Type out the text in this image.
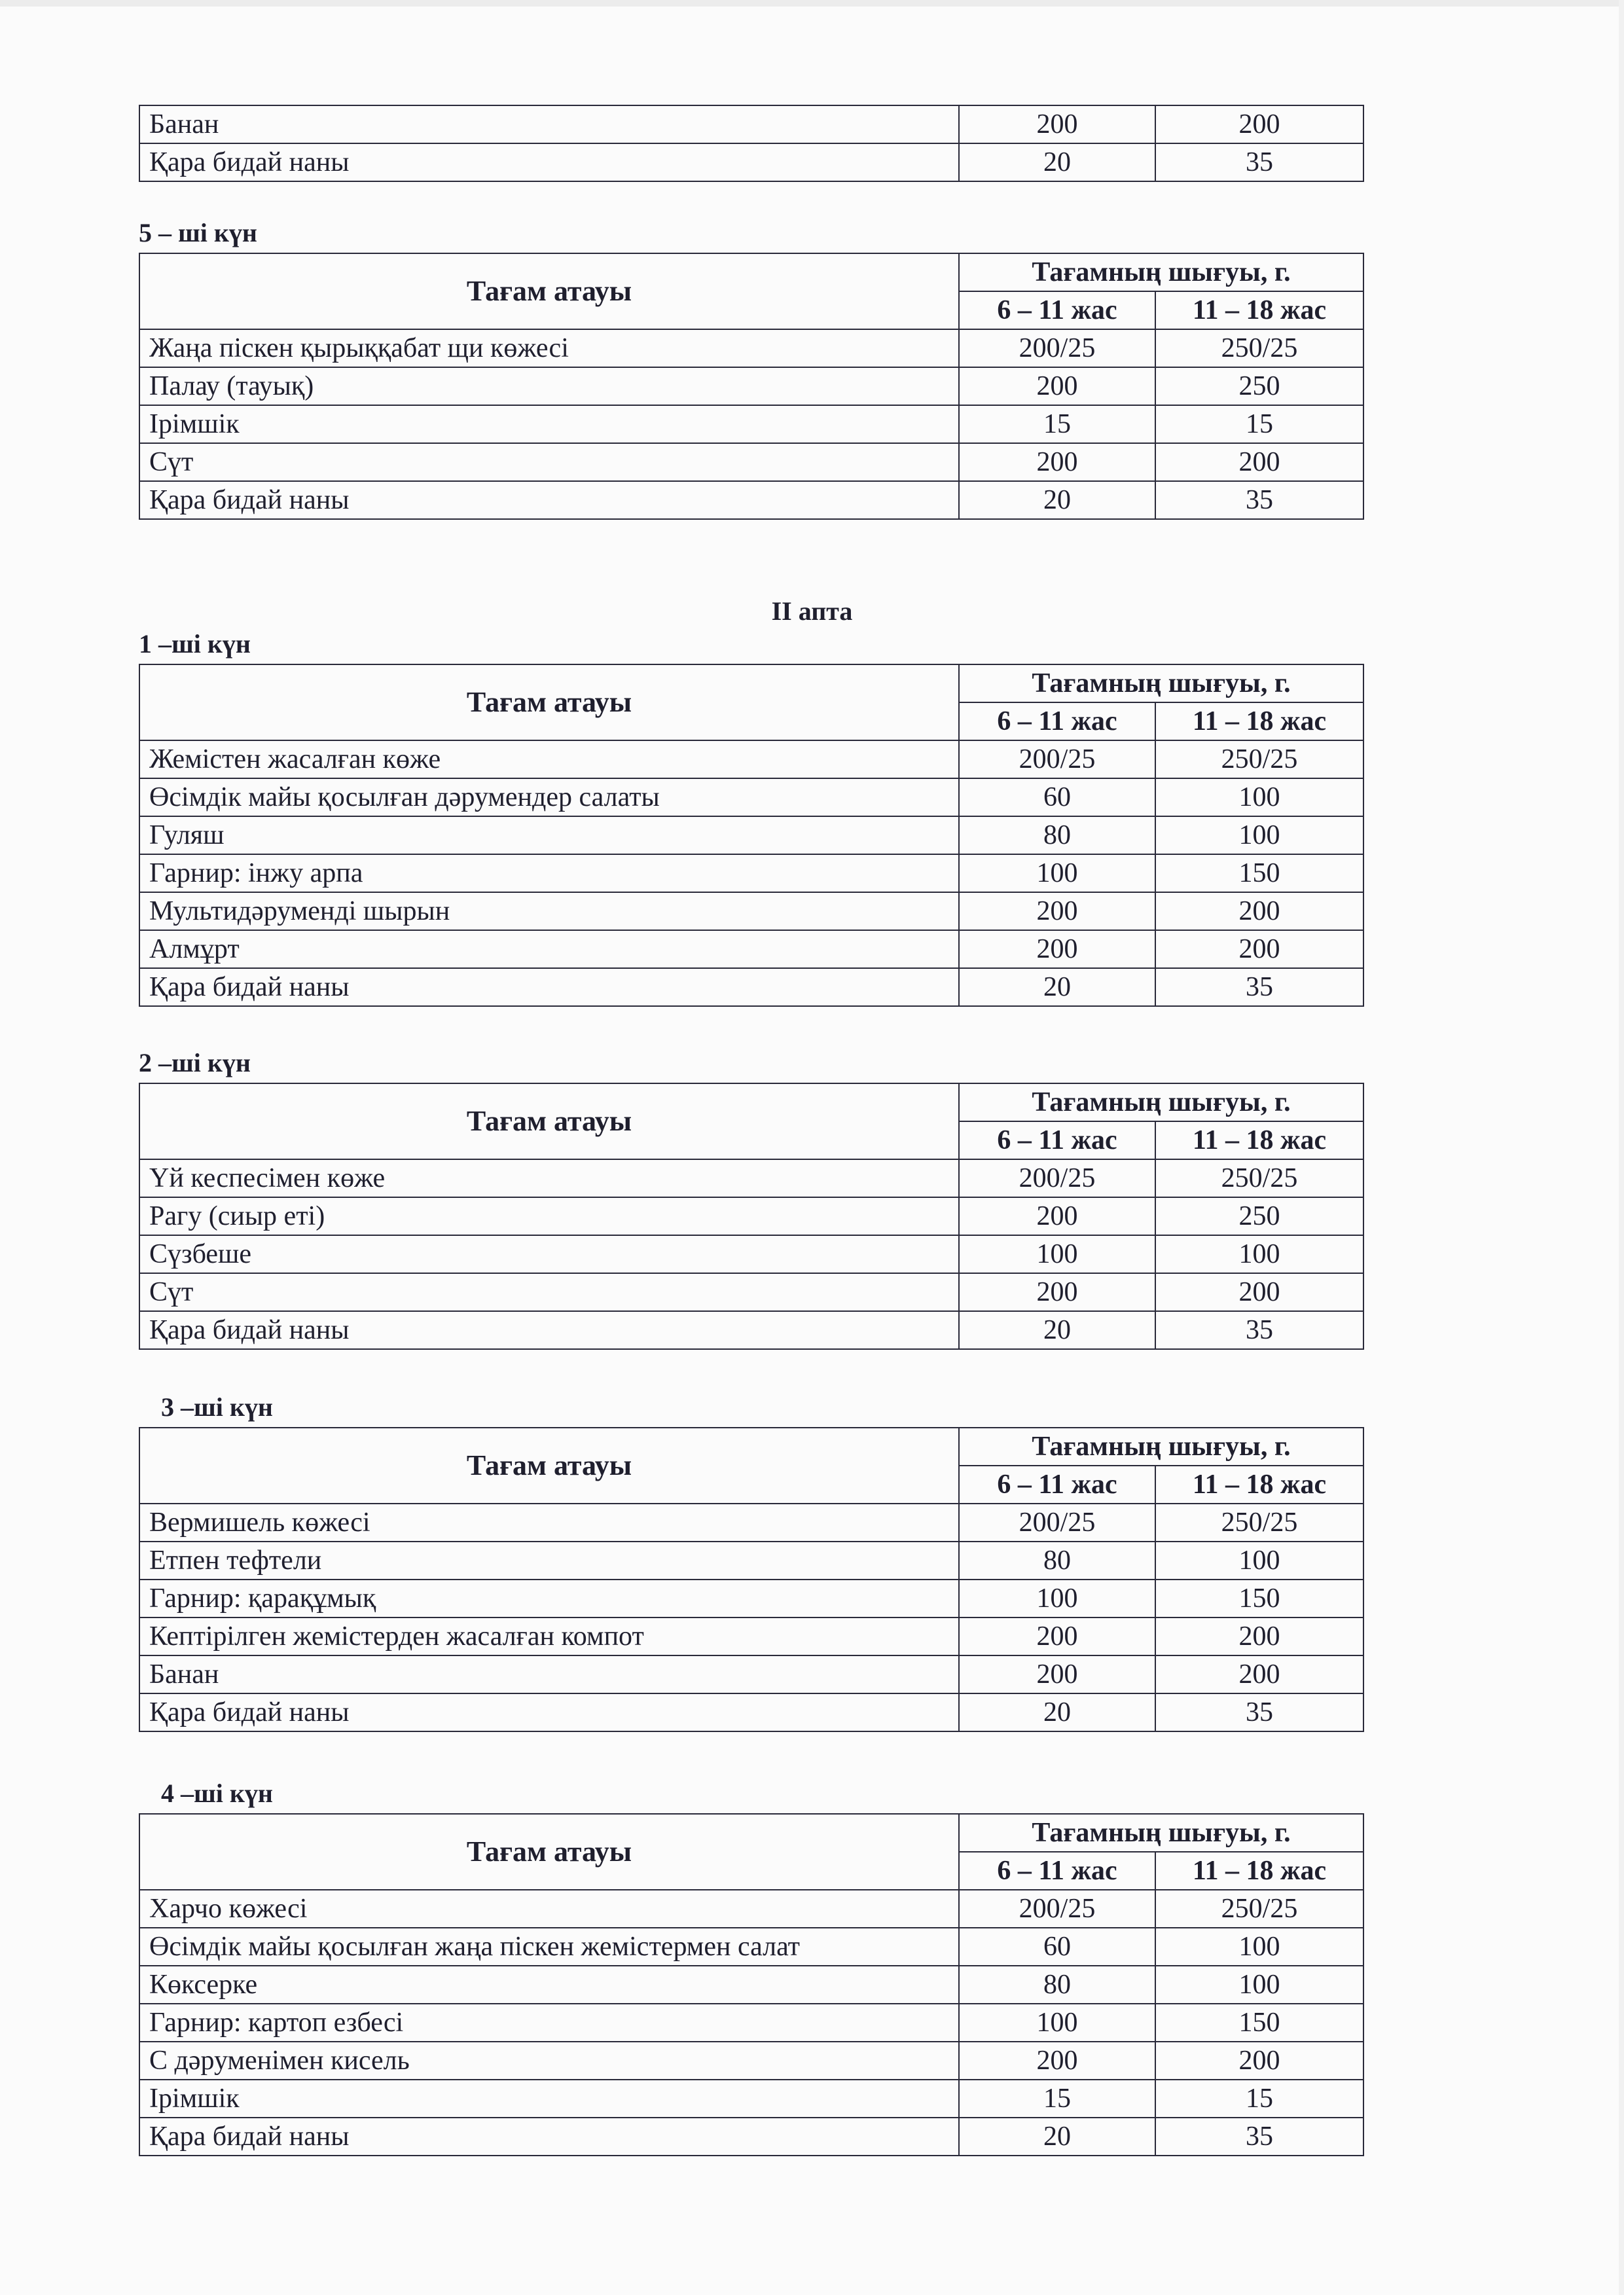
Банан	200	200
Қара бидай наны	20	35
5 – ші күн
Тағам атауы	Тағамның шығуы, г.	
	6 – 11 жас	11 – 18 жас
Жаңа піскен қырыққабат щи көжесі	200/25	250/25
Палау (тауық)	200	250
Ірімшік	15	15
Сүт	200	200
Қара бидай наны	20	35
II апта
1 –ші күн
Тағам атауы	Тағамның шығуы, г.	
	6 – 11 жас	11 – 18 жас
Жемістен жасалған көже	200/25	250/25
Өсімдік майы қосылған дәрумендер салаты	60	100
Гуляш	80	100
Гарнир: інжу арпа	100	150
Мультидәруменді шырын	200	200
Алмұрт	200	200
Қара бидай наны	20	35
2 –ші күн
Тағам атауы	Тағамның шығуы, г.	
	6 – 11 жас	11 – 18 жас
Үй кеспесімен көже	200/25	250/25
Рагу (сиыр еті)	200	250
Сүзбеше	100	100
Сүт	200	200
Қара бидай наны	20	35
3 –ші күн
Тағам атауы	Тағамның шығуы, г.	
	6 – 11 жас	11 – 18 жас
Вермишель көжесі	200/25	250/25
Етпен тефтели	80	100
Гарнир: қарақұмық	100	150
Кептірілген жемістерден жасалған компот	200	200
Банан	200	200
Қара бидай наны	20	35
4 –ші күн
Тағам атауы	Тағамның шығуы, г.	
	6 – 11 жас	11 – 18 жас
Харчо көжесі	200/25	250/25
Өсімдік майы қосылған жаңа піскен жемістермен салат	60	100
Көксерке	80	100
Гарнир: картоп езбесі	100	150
С дәруменімен кисель	200	200
Ірімшік	15	15
Қара бидай наны	20	35
